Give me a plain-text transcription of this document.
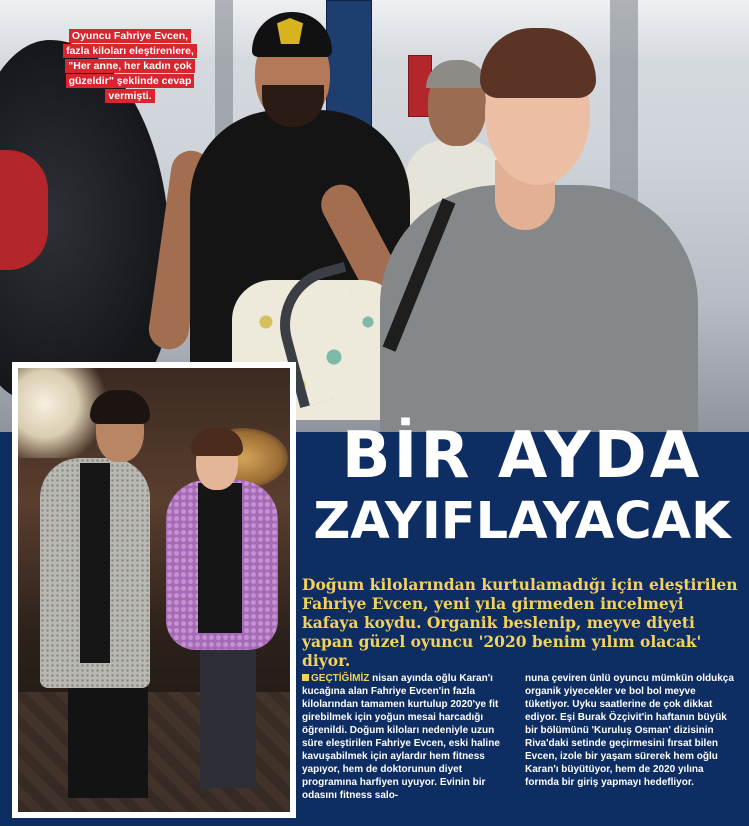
Oyuncu Fahriye Evcen,
fazla kiloları eleştirenlere,
"Her anne, her kadın çok
güzeldir" şeklinde cevap
vermişti.
BİR AYDA
ZAYIFLAYACAK
Doğum kilolarından kurtulamadığı için eleştirilen Fahriye Evcen, yeni yıla girmeden incelmeyi kafaya koydu. Organik beslenip, meyve diyeti yapan güzel oyuncu '2020 benim yılım olacak' diyor.
GEÇTİĞİMİZ nisan ayında oğlu Karan'ı kucağına alan Fahriye Evcen'in fazla kilolarından tamamen kurtulup 2020'ye fit girebilmek için yoğun mesai harcadığı öğrenildi. Doğum kiloları nedeniyle uzun süre eleştirilen Fahriye Evcen, eski haline kavuşabilmek için aylardır hem fitness yapıyor, hem de doktorunun diyet programına harfiyen uyuyor. Evinin bir odasını fitness salo-
nuna çeviren ünlü oyuncu mümkün oldukça organik yiyecekler ve bol bol meyve tüketiyor. Uyku saatlerine de çok dikkat ediyor. Eşi Burak Özçivit'in haftanın büyük bir bölümünü 'Kuruluş Osman' dizisinin Riva'daki setinde geçirmesini fırsat bilen Evcen, izole bir yaşam sürerek hem oğlu Karan'ı büyütüyor, hem de 2020 yılına formda bir giriş yapmayı hedefliyor.
